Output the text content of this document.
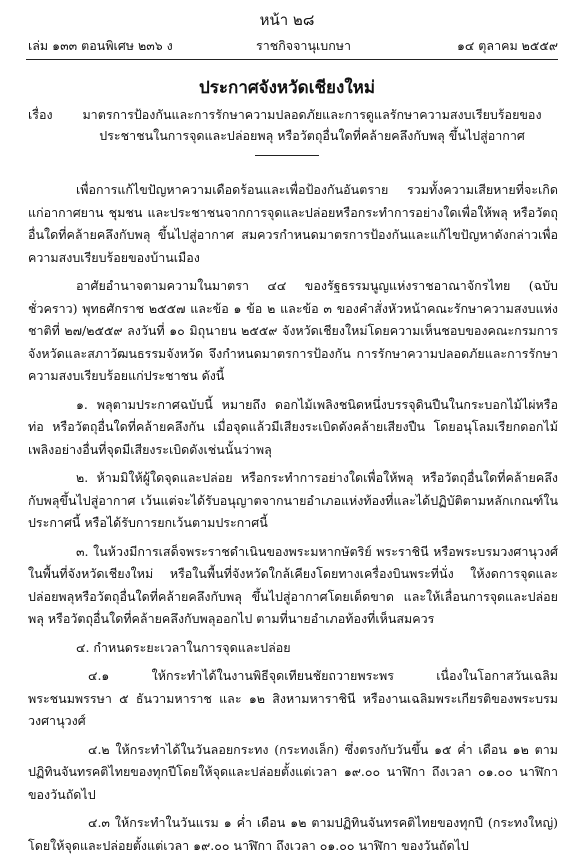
หน้า ๒๘
เล่ม ๑๓๓ ตอนพิเศษ ๒๓๖ ง	ราชกิจจานุเบกษา	๑๔ ตุลาคม ๒๕๕๙
ประกาศจังหวัดเชียงใหม่
เรื่อง	มาตรการป้องกันและการรักษาความปลอดภัยและการดูแลรักษาความสงบเรียบร้อยของประชาชนในการจุดและปล่อยพลุ หรือวัตถุอื่นใดที่คล้ายคลึงกับพลุ ขึ้นไปสู่อากาศ

เพื่อการแก้ไขปัญหาความเดือดร้อนและเพื่อป้องกันอันตราย รวมทั้งความเสียหายที่จะเกิดแก่อากาศยาน ชุมชน และประชาชนจากการจุดและปล่อยหรือกระทำการอย่างใดเพื่อให้พลุ หรือวัตถุอื่นใดที่คล้ายคลึงกับพลุ ขึ้นไปสู่อากาศ สมควรกำหนดมาตรการป้องกันและแก้ไขปัญหาดังกล่าวเพื่อความสงบเรียบร้อยของบ้านเมือง

อาศัยอำนาจตามความในมาตรา ๔๔ ของรัฐธรรมนูญแห่งราชอาณาจักรไทย (ฉบับชั่วคราว) พุทธศักราช ๒๕๕๗ และข้อ ๑ ข้อ ๒ และข้อ ๓ ของคำสั่งหัวหน้าคณะรักษาความสงบแห่งชาติที่ ๒๗/๒๕๕๙ ลงวันที่ ๑๐ มิถุนายน ๒๕๕๙ จังหวัดเชียงใหม่โดยความเห็นชอบของคณะกรมการจังหวัดและสภาวัฒนธรรมจังหวัด จึงกำหนดมาตรการป้องกัน การรักษาความปลอดภัยและการรักษาความสงบเรียบร้อยแก่ประชาชน ดังนี้

๑. พลุตามประกาศฉบับนี้ หมายถึง ดอกไม้เพลิงชนิดหนึ่งบรรจุดินปืนในกระบอกไม้ไผ่หรือท่อ หรือวัตถุอื่นใดที่คล้ายคลึงกัน เมื่อจุดแล้วมีเสียงระเบิดดังคล้ายเสียงปืน โดยอนุโลมเรียกดอกไม้เพลิงอย่างอื่นที่จุดมีเสียงระเบิดดังเช่นนั้นว่าพลุ

๒. ห้ามมิให้ผู้ใดจุดและปล่อย หรือกระทำการอย่างใดเพื่อให้พลุ หรือวัตถุอื่นใดที่คล้ายคลึงกับพลุขึ้นไปสู่อากาศ เว้นแต่จะได้รับอนุญาตจากนายอำเภอแห่งท้องที่และได้ปฏิบัติตามหลักเกณฑ์ในประกาศนี้ หรือได้รับการยกเว้นตามประกาศนี้

๓. ในห้วงมีการเสด็จพระราชดำเนินของพระมหากษัตริย์ พระราชินี หรือพระบรมวงศานุวงศ์ ในพื้นที่จังหวัดเชียงใหม่ หรือในพื้นที่จังหวัดใกล้เคียงโดยทางเครื่องบินพระที่นั่ง ให้งดการจุดและปล่อยพลุหรือวัตถุอื่นใดที่คล้ายคลึงกับพลุ ขึ้นไปสู่อากาศโดยเด็ดขาด และให้เลื่อนการจุดและปล่อยพลุ หรือวัตถุอื่นใดที่คล้ายคลึงกับพลุออกไป ตามที่นายอำเภอท้องที่เห็นสมควร

๔. กำหนดระยะเวลาในการจุดและปล่อย

๔.๑ ให้กระทำได้ในงานพิธีจุดเทียนชัยถวายพระพร เนื่องในโอกาสวันเฉลิมพระชนมพรรษา ๕ ธันวามหาราช และ ๑๒ สิงหามหาราชินี หรืองานเฉลิมพระเกียรติของพระบรมวงศานุวงศ์

๔.๒ ให้กระทำได้ในวันลอยกระทง (กระทงเล็ก) ซึ่งตรงกับวันขึ้น ๑๕ ค่ำ เดือน ๑๒ ตามปฏิทินจันทรคติไทยของทุกปีโดยให้จุดและปล่อยตั้งแต่เวลา ๑๙.๐๐ นาฬิกา ถึงเวลา ๐๑.๐๐ นาฬิกาของวันถัดไป

๔.๓ ให้กระทำในวันแรม ๑ ค่ำ เดือน ๑๒ ตามปฏิทินจันทรคติไทยของทุกปี (กระทงใหญ่) โดยให้จุดและปล่อยตั้งแต่เวลา ๑๙.๐๐ นาฬิกา ถึงเวลา ๐๑.๐๐ นาฬิกา ของวันถัดไป
